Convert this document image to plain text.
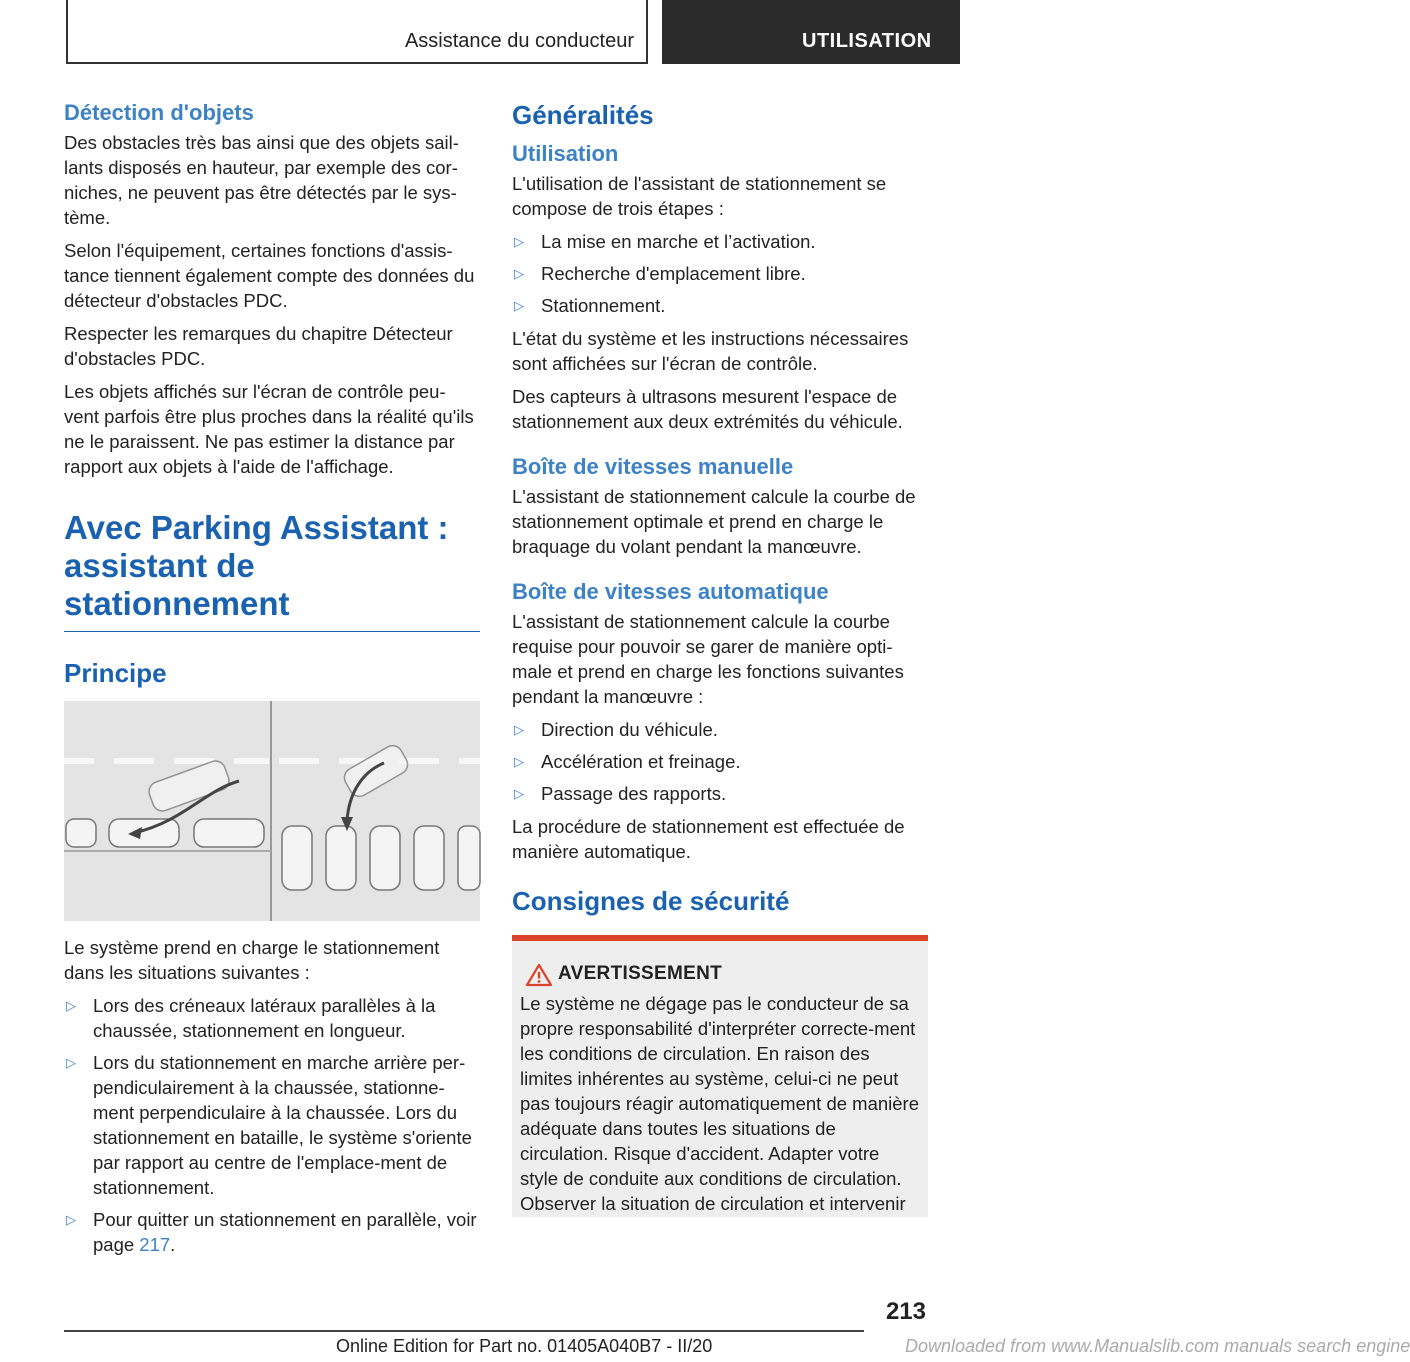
Assistance du conducteur	UTILISATION
Détection d'objets

Des obstacles très bas ainsi que des objets sail-lants disposés en hauteur, par exemple des cor-niches, ne peuvent pas être détectés par le sys-tème.

Selon l'équipement, certaines fonctions d'assis-tance tiennent également compte des données du détecteur d'obstacles PDC.

Respecter les remarques du chapitre Détecteur d'obstacles PDC.

Les objets affichés sur l'écran de contrôle peu-vent parfois être plus proches dans la réalité qu'ils ne le paraissent. Ne pas estimer la distance par rapport aux objets à l'aide de l'affichage.

Avec Parking Assistant : assistant de stationnement
Principe

Le système prend en charge le stationnement dans les situations suivantes :

▷ Lors des créneaux latéraux parallèles à la chaussée, stationnement en longueur.
▷ Lors du stationnement en marche arrière per-pendiculairement à la chaussée, stationne-ment perpendiculaire à la chaussée. Lors du stationnement en bataille, le système s'oriente par rapport au centre de l'emplace-ment de stationnement.
▷ Pour quitter un stationnement en parallèle, voir page 217.
Généralités
Utilisation

L'utilisation de l'assistant de stationnement se compose de trois étapes :

▷ La mise en marche et l’activation.
▷ Recherche d'emplacement libre.
▷ Stationnement.

L'état du système et les instructions nécessaires sont affichées sur l'écran de contrôle.

Des capteurs à ultrasons mesurent l'espace de stationnement aux deux extrémités du véhicule.

Boîte de vitesses manuelle

L'assistant de stationnement calcule la courbe de stationnement optimale et prend en charge le braquage du volant pendant la manœuvre.

Boîte de vitesses automatique

L'assistant de stationnement calcule la courbe requise pour pouvoir se garer de manière opti-male et prend en charge les fonctions suivantes pendant la manœuvre :

▷ Direction du véhicule.
▷ Accélération et freinage.
▷ Passage des rapports.

La procédure de stationnement est effectuée de manière automatique.

Consignes de sécurité
AVERTISSEMENT

Le système ne dégage pas le conducteur de sa propre responsabilité d'interpréter correcte-ment les conditions de circulation. En raison des limites inhérentes au système, celui-ci ne peut pas toujours réagir automatiquement de manière adéquate dans toutes les situations de circulation. Risque d'accident. Adapter votre style de conduite aux conditions de circulation. Observer la situation de circulation et intervenir

213
Online Edition for Part no. 01405A040B7 - II/20	Downloaded from www.Manualslib.com manuals search engine
